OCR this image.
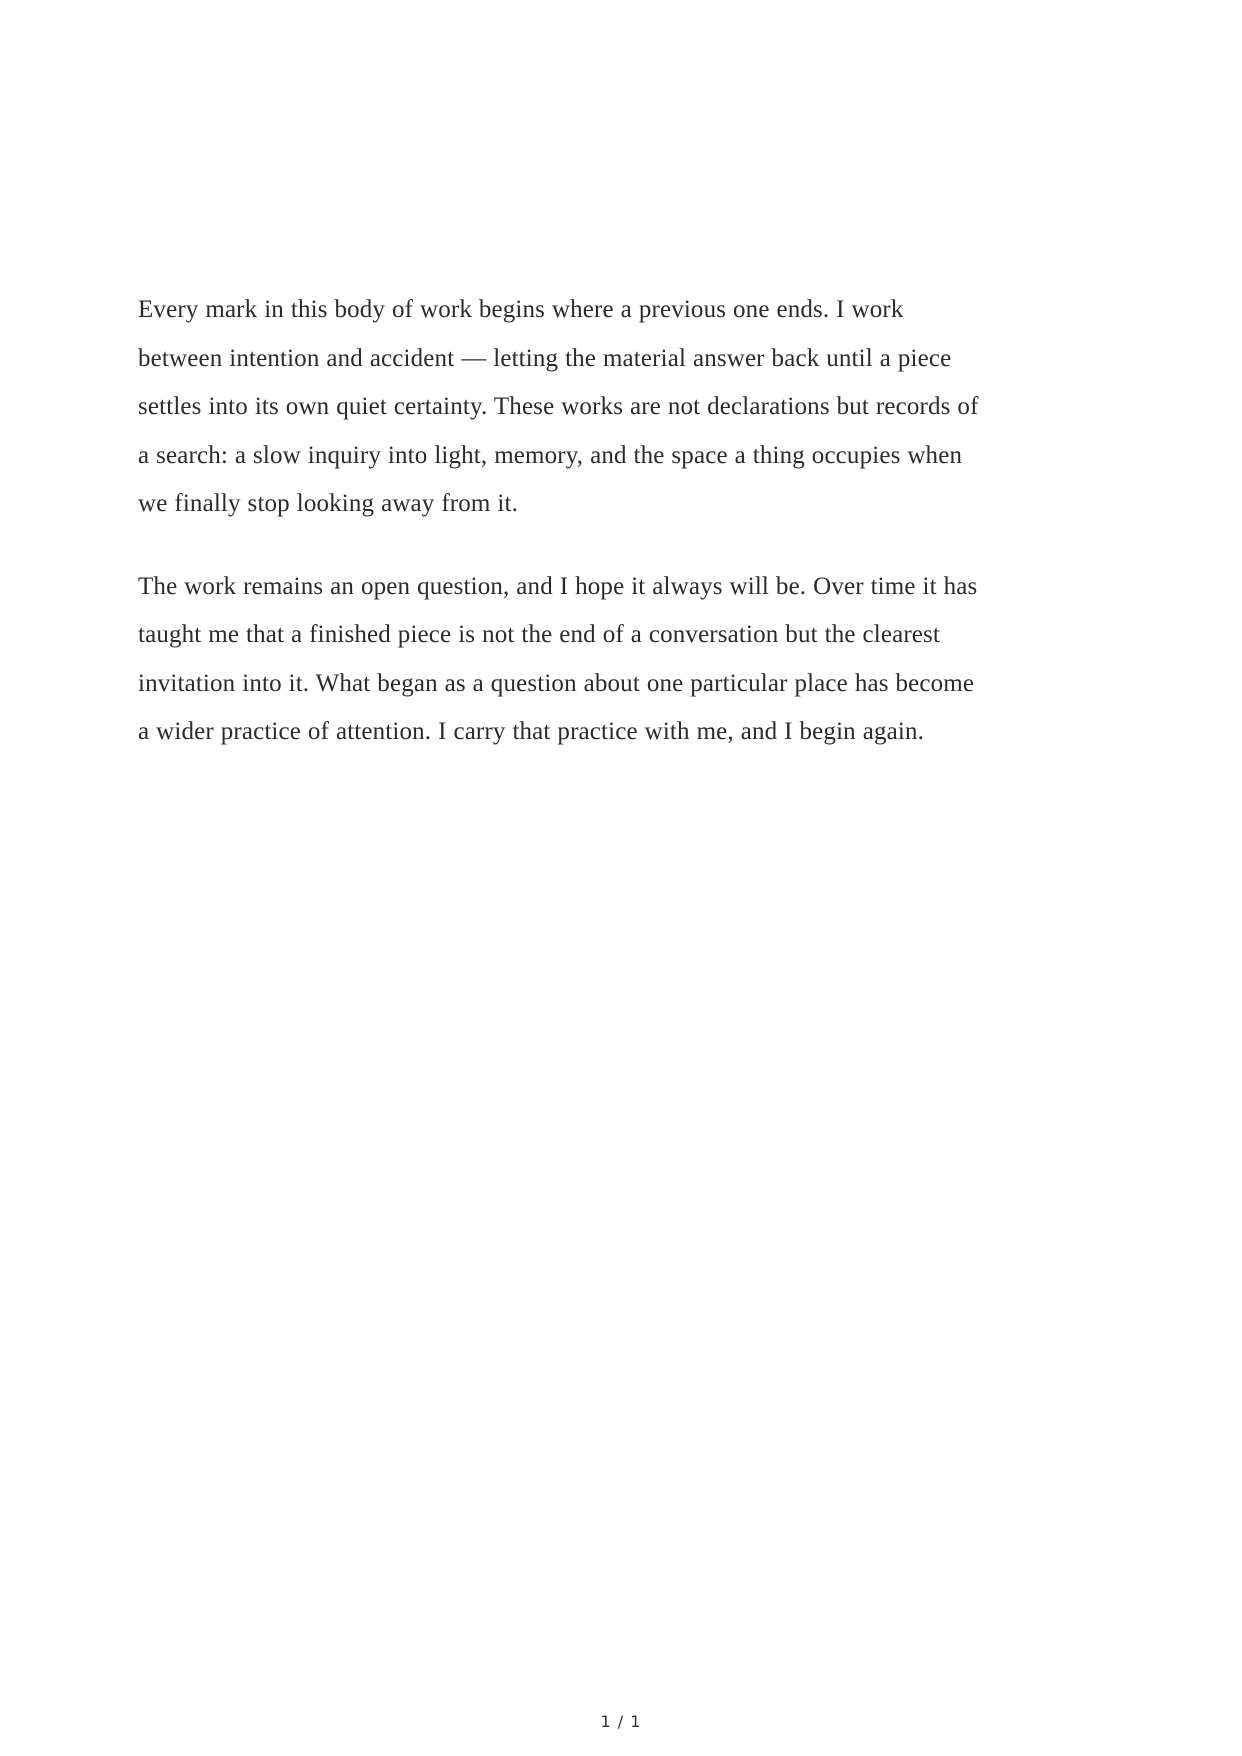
Every mark in this body of work begins where a previous one ends. I work between intention and accident — letting the material answer back until a piece settles into its own quiet certainty. These works are not declarations but records of a search: a slow inquiry into light, memory, and the space a thing occupies when we finally stop looking away from it.

The work remains an open question, and I hope it always will be. Over time it has taught me that a finished piece is not the end of a conversation but the clearest invitation into it. What began as a question about one particular place has become a wider practice of attention. I carry that practice with me, and I begin again.

1 / 1
